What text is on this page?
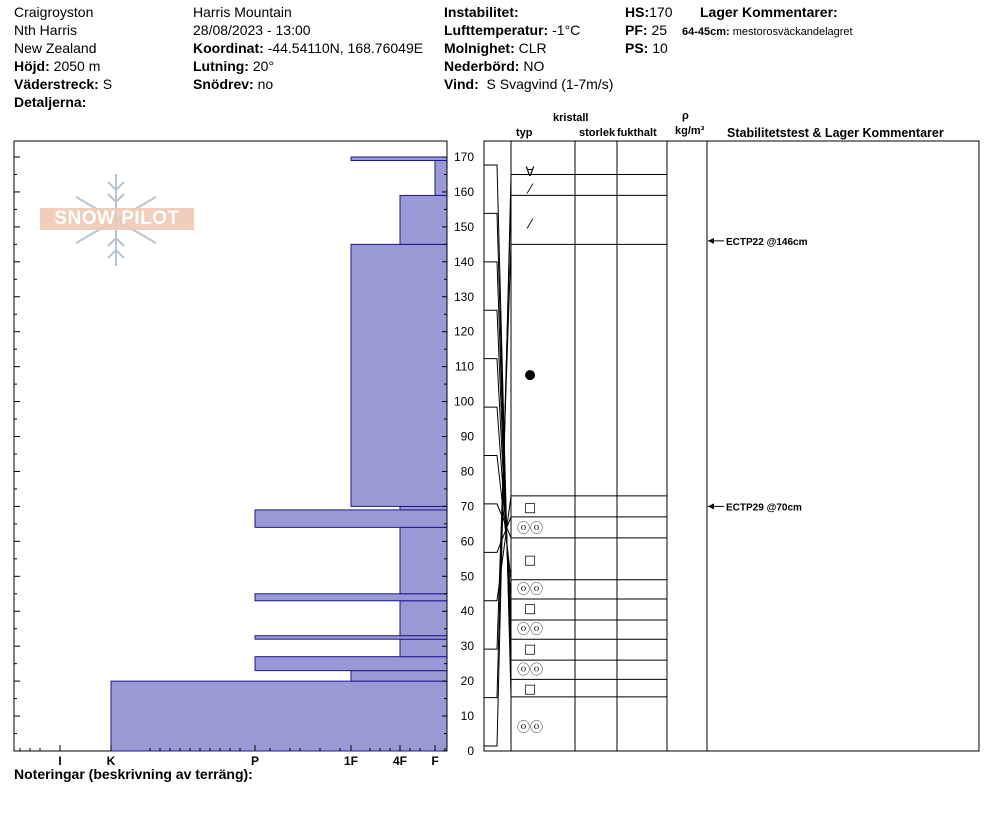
Craigroyston
Nth Harris
New Zealand
Höjd: 2050 m
Väderstreck: S
Detaljerna:
Harris Mountain
28/08/2023 - 13:00
Koordinat: -44.54110N, 168.76049E
Lutning: 20°
Snödrev: no
Instabilitet:
Lufttemperatur: -1°C
Molnighet: CLR
Nederbörd: NO
Vind: S Svagvind (1-7m/s)
HS:170
PF: 25
PS: 10
Lager Kommentarer:
64-45cm: mestorosväckandelagret
kristall
typ	storlek fukthalt
ρ
kg/m³ Stabilitetstest & Lager Kommentarer
Noteringar (beskrivning av terräng):
SNOW PILOT
I	K	P	1F	4F F
0
10
20
30
40
50
60
70
80
90
100
110
120
130
140
150
160
170
ⓞⓞ
□
ⓞⓞ
□
ⓞⓞ
□
ⓞⓞ
□
ⓞⓞ
□
●
⁄
⁄
∀
ECTP22 @146cm
ECTP29 @70cm
